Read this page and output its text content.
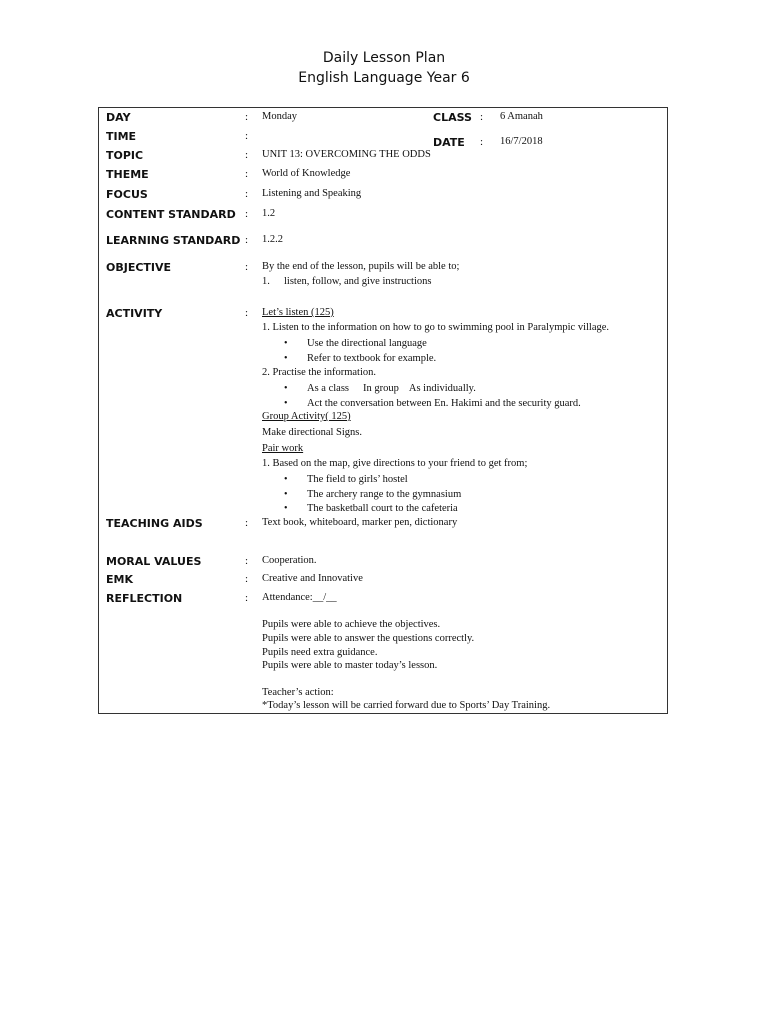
Daily Lesson Plan
English Language Year 6
DAY	: Monday	CLASS : 6 Amanah
TIME	:	DATE : 16/7/2018
TOPIC	: UNIT 13: OVERCOMING THE ODDS
THEME	: World of Knowledge
FOCUS	: Listening and Speaking
CONTENT STANDARD : 1.2
LEARNING STANDARD : 1.2.2
OBJECTIVE	: By the end of the lesson, pupils will be able to;
1. listen, follow, and give instructions
ACTIVITY	: Let’s listen (125)
1. Listen to the information on how to go to swimming pool in Paralympic village.
• Use the directional language
• Refer to textbook for example.
2. Practise the information.
• As a class In group As individually.
• Act the conversation between En. Hakimi and the security guard.
Group Activity( 125)
Make directional Signs.
Pair work
1. Based on the map, give directions to your friend to get from;
• The field to girls’ hostel
• The archery range to the gymnasium
• The basketball court to the cafeteria
TEACHING AIDS	: Text book, whiteboard, marker pen, dictionary
MORAL VALUES	: Cooperation.
EMK	: Creative and Innovative
REFLECTION	: Attendance:__/__
Pupils were able to achieve the objectives.
Pupils were able to answer the questions correctly.
Pupils need extra guidance.
Pupils were able to master today’s lesson.
Teacher’s action:
*Today’s lesson will be carried forward due to Sports’ Day Training.
